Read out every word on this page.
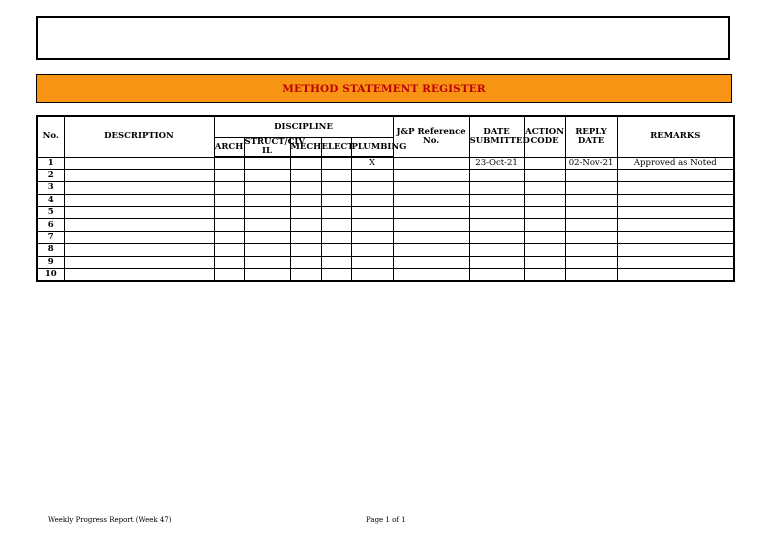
METHOD STATEMENT REGISTER
No.	DESCRIPTION	DISCIPLINE					J&P Reference No.	DATE SUBMITTED	ACTION CODE	REPLY DATE	REMARKS
		ARCH	STRUCT/CIV IL	MECH	ELECT	PLUMBING					
1						X		23-Oct-21		02-Nov-21	Approved as Noted
2											
3											
4											
5											
6											
7											
8											
9											
10											
Weekly Progress Report (Week 47)	Page 1 of 1
